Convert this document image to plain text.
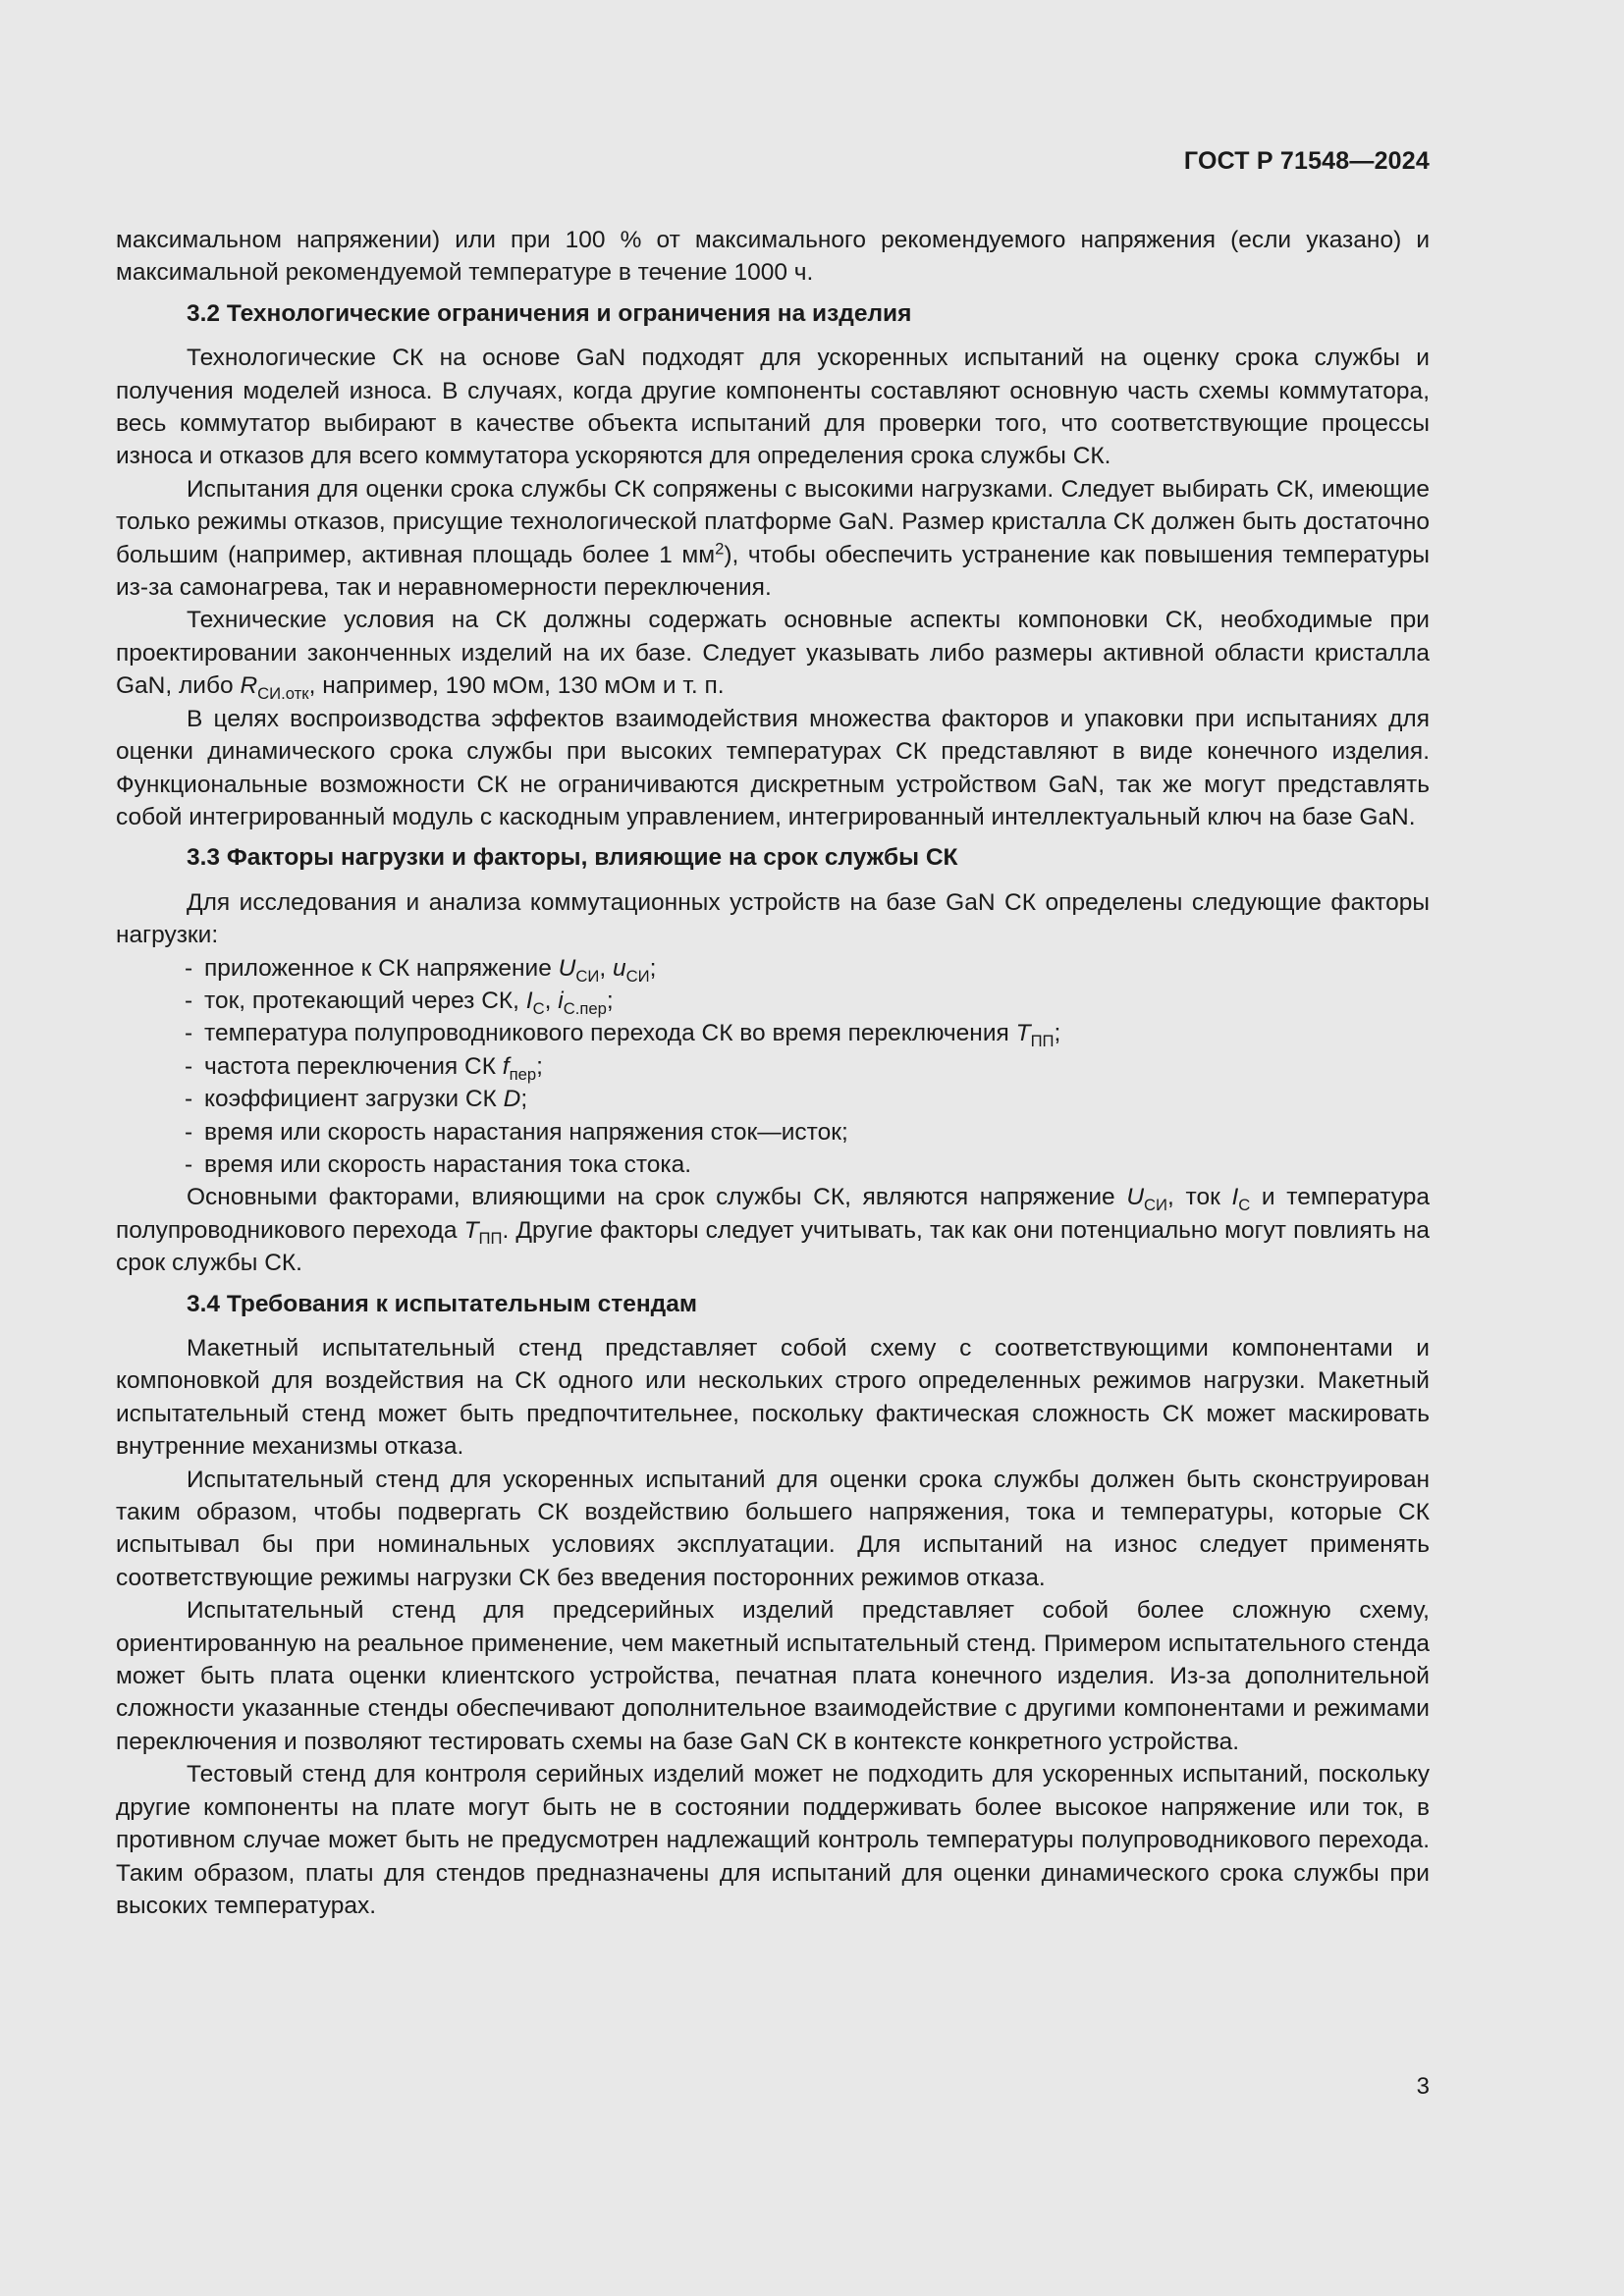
ГОСТ Р 71548—2024

максимальном напряжении) или при 100 % от максимального рекомендуемого напряжения (если указано) и максимальной рекомендуемой температуре в течение 1000 ч.

3.2 Технологические ограничения и ограничения на изделия

Технологические СК на основе GaN подходят для ускоренных испытаний на оценку срока службы и получения моделей износа. В случаях, когда другие компоненты составляют основную часть схемы коммутатора, весь коммутатор выбирают в качестве объекта испытаний для проверки того, что соответствующие процессы износа и отказов для всего коммутатора ускоряются для определения срока службы СК.

Испытания для оценки срока службы СК сопряжены с высокими нагрузками. Следует выбирать СК, имеющие только режимы отказов, присущие технологической платформе GaN. Размер кристалла СК должен быть достаточно большим (например, активная площадь более 1 $мм^2$), чтобы обеспечить устранение как повышения температуры из-за самонагрева, так и неравномерности переключения.

Технические условия на СК должны содержать основные аспекты компоновки СК, необходимые при проектировании законченных изделий на их базе. Следует указывать либо размеры активной области кристалла GaN, либо $R_{СИ.отк}$, например, 190 мОм, 130 мОм и т. п.

В целях воспроизводства эффектов взаимодействия множества факторов и упаковки при испытаниях для оценки динамического срока службы при высоких температурах СК представляют в виде конечного изделия. Функциональные возможности СК не ограничиваются дискретным устройством GaN, так же могут представлять собой интегрированный модуль с каскодным управлением, интегрированный интеллектуальный ключ на базе GaN.

3.3 Факторы нагрузки и факторы, влияющие на срок службы СК

Для исследования и анализа коммутационных устройств на базе GaN СК определены следующие факторы нагрузки:

- приложенное к СК напряжение $U_{СИ}$, $u_{СИ}$;
- ток, протекающий через СК, $I_С$, $i_{С.пер}$;
- температура полупроводникового перехода СК во время переключения $T_{ПП}$;
- частота переключения СК $f_{пер}$;
- коэффициент загрузки СК D;
- время или скорость нарастания напряжения сток—исток;
- время или скорость нарастания тока стока.

Основными факторами, влияющими на срок службы СК, являются напряжение $U_{СИ}$, ток $I_С$ и температура полупроводникового перехода $T_{ПП}$. Другие факторы следует учитывать, так как они потенциально могут повлиять на срок службы СК.

3.4 Требования к испытательным стендам

Макетный испытательный стенд представляет собой схему с соответствующими компонентами и компоновкой для воздействия на СК одного или нескольких строго определенных режимов нагрузки. Макетный испытательный стенд может быть предпочтительнее, поскольку фактическая сложность СК может маскировать внутренние механизмы отказа.

Испытательный стенд для ускоренных испытаний для оценки срока службы должен быть сконструирован таким образом, чтобы подвергать СК воздействию большего напряжения, тока и температуры, которые СК испытывал бы при номинальных условиях эксплуатации. Для испытаний на износ следует применять соответствующие режимы нагрузки СК без введения посторонних режимов отказа.

Испытательный стенд для предсерийных изделий представляет собой более сложную схему, ориентированную на реальное применение, чем макетный испытательный стенд. Примером испытательного стенда может быть плата оценки клиентского устройства, печатная плата конечного изделия. Из-за дополнительной сложности указанные стенды обеспечивают дополнительное взаимодействие с другими компонентами и режимами переключения и позволяют тестировать схемы на базе GaN СК в контексте конкретного устройства.

Тестовый стенд для контроля серийных изделий может не подходить для ускоренных испытаний, поскольку другие компоненты на плате могут быть не в состоянии поддерживать более высокое напряжение или ток, в противном случае может быть не предусмотрен надлежащий контроль температуры полупроводникового перехода. Таким образом, платы для стендов предназначены для испытаний для оценки динамического срока службы при высоких температурах.

3
